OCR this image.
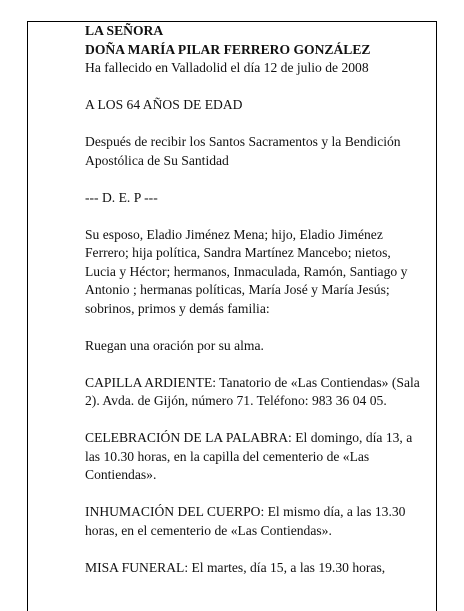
LA SEÑORA
DOÑA MARÍA PILAR FERRERO GONZÁLEZ
Ha fallecido en Valladolid el día 12 de julio de 2008

A LOS 64 AÑOS DE EDAD

Después de recibir los Santos Sacramentos y la Bendición Apostólica de Su Santidad

--- D. E. P ---

Su esposo, Eladio Jiménez Mena; hijo, Eladio Jiménez Ferrero; hija política, Sandra Martínez Mancebo; nietos, Lucia y Héctor; hermanos, Inmaculada, Ramón, Santiago y Antonio ; hermanas políticas, María José y María Jesús; sobrinos, primos y demás familia:

Ruegan una oración por su alma.

CAPILLA ARDIENTE: Tanatorio de «Las Contiendas» (Sala 2). Avda. de Gijón, número 71. Teléfono: 983 36 04 05.

CELEBRACIÓN DE LA PALABRA: El domingo, día 13, a las 10.30 horas, en la capilla del cementerio de «Las Contiendas».

INHUMACIÓN DEL CUERPO: El mismo día, a las 13.30 horas, en el cementerio de «Las Contiendas».

MISA FUNERAL: El martes, día 15, a las 19.30 horas,
